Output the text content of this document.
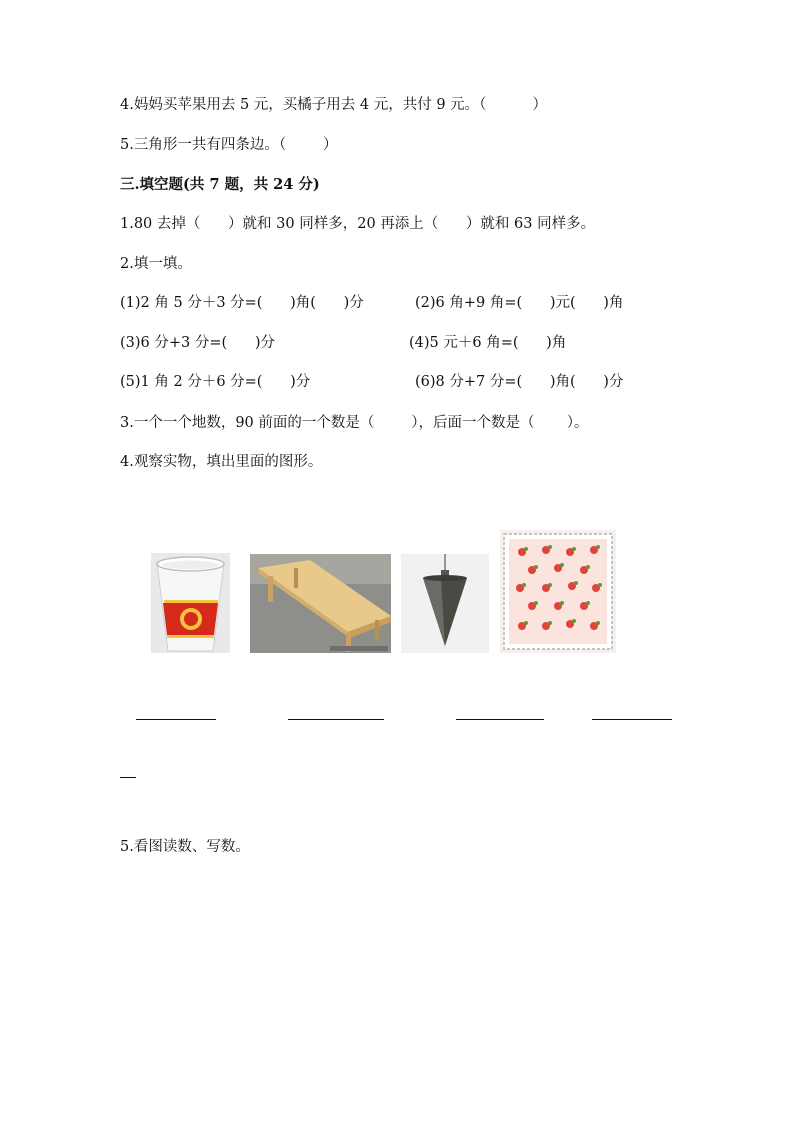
4.妈妈买苹果用去 5 元，买橘子用去 4 元，共付 9 元。（          ）
5.三角形一共有四条边。（        ）
三.填空题(共 7 题，共 24 分)
1.80 去掉（      ）就和 30 同样多，20 再添上（      ）就和 63 同样多。
2.填一填。
(1)2 角 5 分＋3 分=(      )角(      )分	(2)6 角+9 角=(      )元(      )角
(3)6 分+3 分=(      )分	(4)5 元＋6 角=(      )角
(5)1 角 2 分＋6 分=(      )分	(6)8 分+7 分=(      )角(      )分
3.一个一个地数，90 前面的一个数是（        ），后面一个数是（       ）。
4.观察实物，填出里面的图形。
5.看图读数、写数。
